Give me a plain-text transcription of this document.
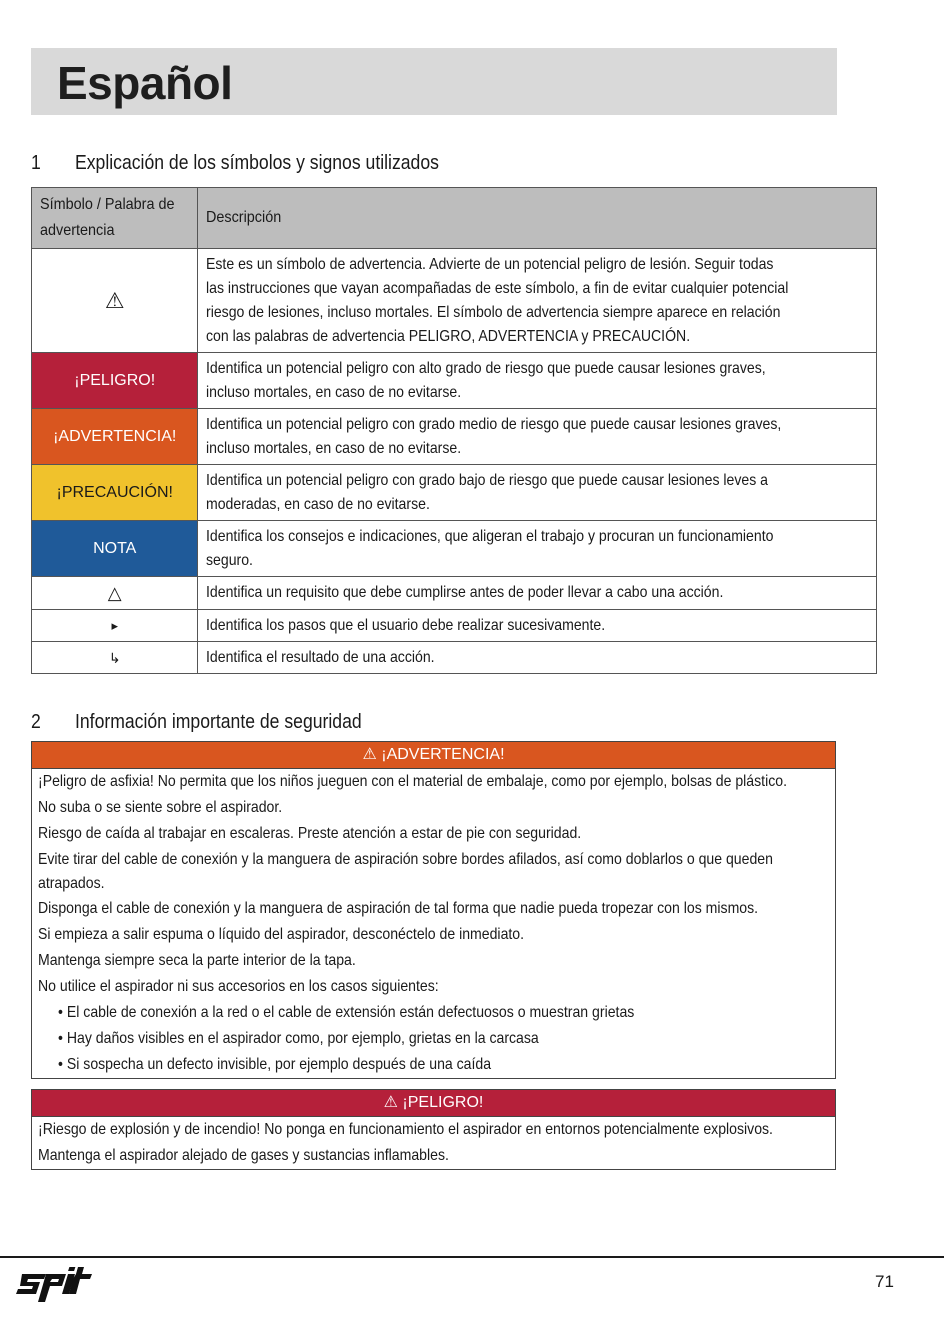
Español
1 Explicación de los símbolos y signos utilizados
Símbolo / Palabra de
advertencia	Descripción
⚠	Este es un símbolo de advertencia. Advierte de un potencial peligro de lesión. Seguir todas
las instrucciones que vayan acompañadas de este símbolo, a fin de evitar cualquier potencial
riesgo de lesiones, incluso mortales. El símbolo de advertencia siempre aparece en relación
con las palabras de advertencia PELIGRO, ADVERTENCIA y PRECAUCIÓN.
¡PELIGRO!	Identifica un potencial peligro con alto grado de riesgo que puede causar lesiones graves,
incluso mortales, en caso de no evitarse.
¡ADVERTENCIA!	Identifica un potencial peligro con grado medio de riesgo que puede causar lesiones graves,
incluso mortales, en caso de no evitarse.
¡PRECAUCIÓN!	Identifica un potencial peligro con grado bajo de riesgo que puede causar lesiones leves a
moderadas, en caso de no evitarse.
NOTA	Identifica los consejos e indicaciones, que aligeran el trabajo y procuran un funcionamiento
seguro.
△	Identifica un requisito que debe cumplirse antes de poder llevar a cabo una acción.
▸	Identifica los pasos que el usuario debe realizar sucesivamente.
↳	Identifica el resultado de una acción.
2 Información importante de seguridad
⚠ ¡ADVERTENCIA!
¡Peligro de asfixia! No permita que los niños jueguen con el material de embalaje, como por ejemplo, bolsas de plástico.
No suba o se siente sobre el aspirador.
Riesgo de caída al trabajar en escaleras. Preste atención a estar de pie con seguridad.
Evite tirar del cable de conexión y la manguera de aspiración sobre bordes afilados, así como doblarlos o que queden
atrapados.
Disponga el cable de conexión y la manguera de aspiración de tal forma que nadie pueda tropezar con los mismos.
Si empieza a salir espuma o líquido del aspirador, desconéctelo de inmediato.
Mantenga siempre seca la parte interior de la tapa.
No utilice el aspirador ni sus accesorios en los casos siguientes:
• El cable de conexión a la red o el cable de extensión están defectuosos o muestran grietas
• Hay daños visibles en el aspirador como, por ejemplo, grietas en la carcasa
• Si sospecha un defecto invisible, por ejemplo después de una caída
⚠ ¡PELIGRO!
¡Riesgo de explosión y de incendio! No ponga en funcionamiento el aspirador en entornos potencialmente explosivos.
Mantenga el aspirador alejado de gases y sustancias inflamables.
71
